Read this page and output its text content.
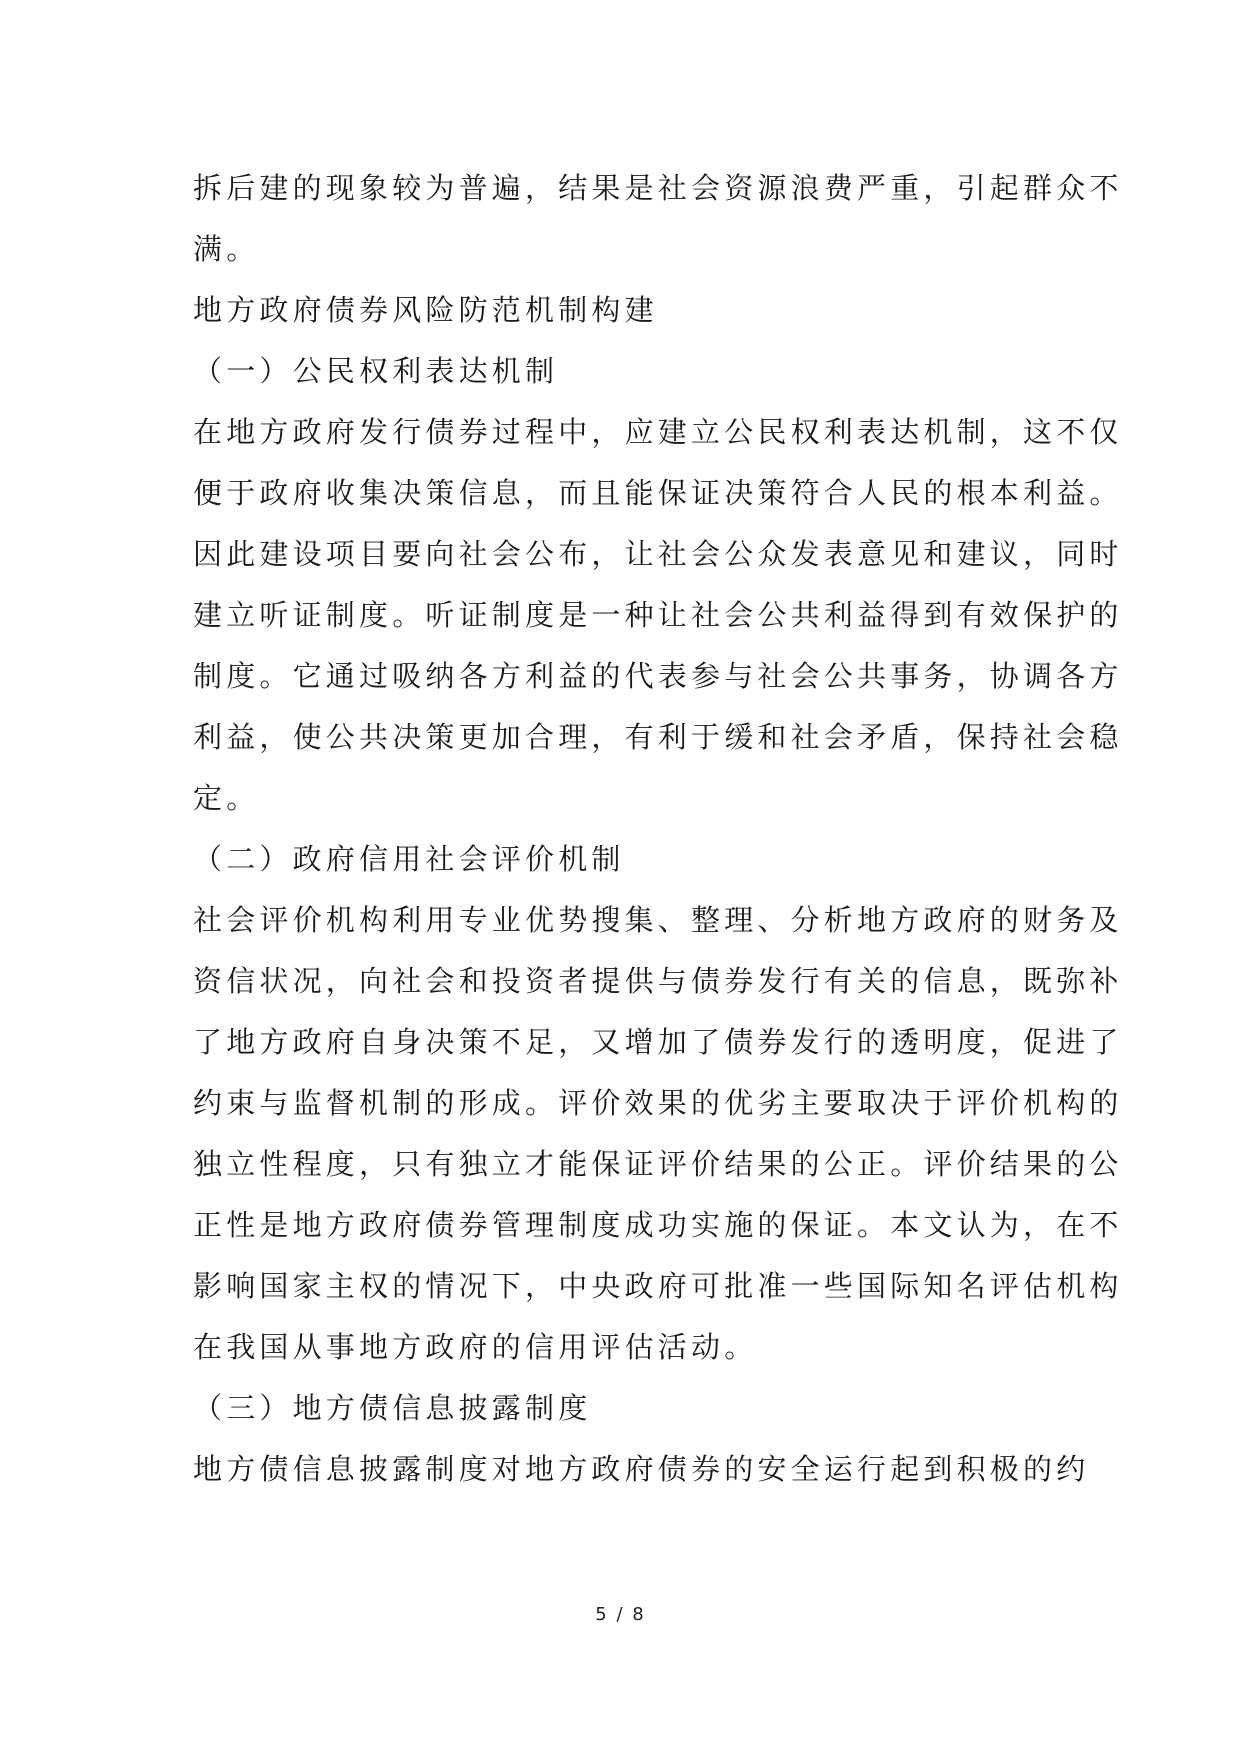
拆后建的现象较为普遍，结果是社会资源浪费严重，引起群众不
满。
地方政府债券风险防范机制构建
（一）公民权利表达机制
在地方政府发行债券过程中，应建立公民权利表达机制，这不仅
便于政府收集决策信息，而且能保证决策符合人民的根本利益。
因此建设项目要向社会公布，让社会公众发表意见和建议，同时
建立听证制度。听证制度是一种让社会公共利益得到有效保护的
制度。它通过吸纳各方利益的代表参与社会公共事务，协调各方
利益，使公共决策更加合理，有利于缓和社会矛盾，保持社会稳
定。
（二）政府信用社会评价机制
社会评价机构利用专业优势搜集、整理、分析地方政府的财务及
资信状况，向社会和投资者提供与债券发行有关的信息，既弥补
了地方政府自身决策不足，又增加了债券发行的透明度，促进了
约束与监督机制的形成。评价效果的优劣主要取决于评价机构的
独立性程度，只有独立才能保证评价结果的公正。评价结果的公
正性是地方政府债券管理制度成功实施的保证。本文认为，在不
影响国家主权的情况下，中央政府可批准一些国际知名评估机构
在我国从事地方政府的信用评估活动。
（三）地方债信息披露制度
地方债信息披露制度对地方政府债券的安全运行起到积极的约
5 / 8
